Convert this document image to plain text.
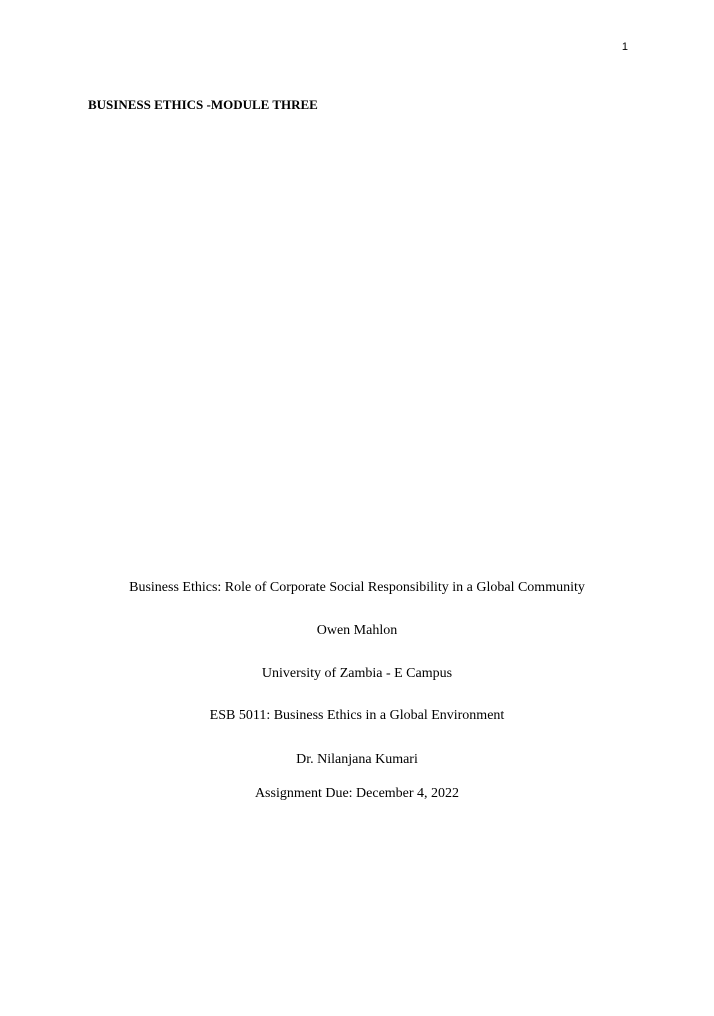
1
BUSINESS ETHICS -MODULE THREE
Business Ethics: Role of Corporate Social Responsibility in a Global Community
Owen Mahlon
University of Zambia - E Campus
ESB 5011: Business Ethics in a Global Environment
Dr. Nilanjana Kumari
Assignment Due: December 4, 2022
